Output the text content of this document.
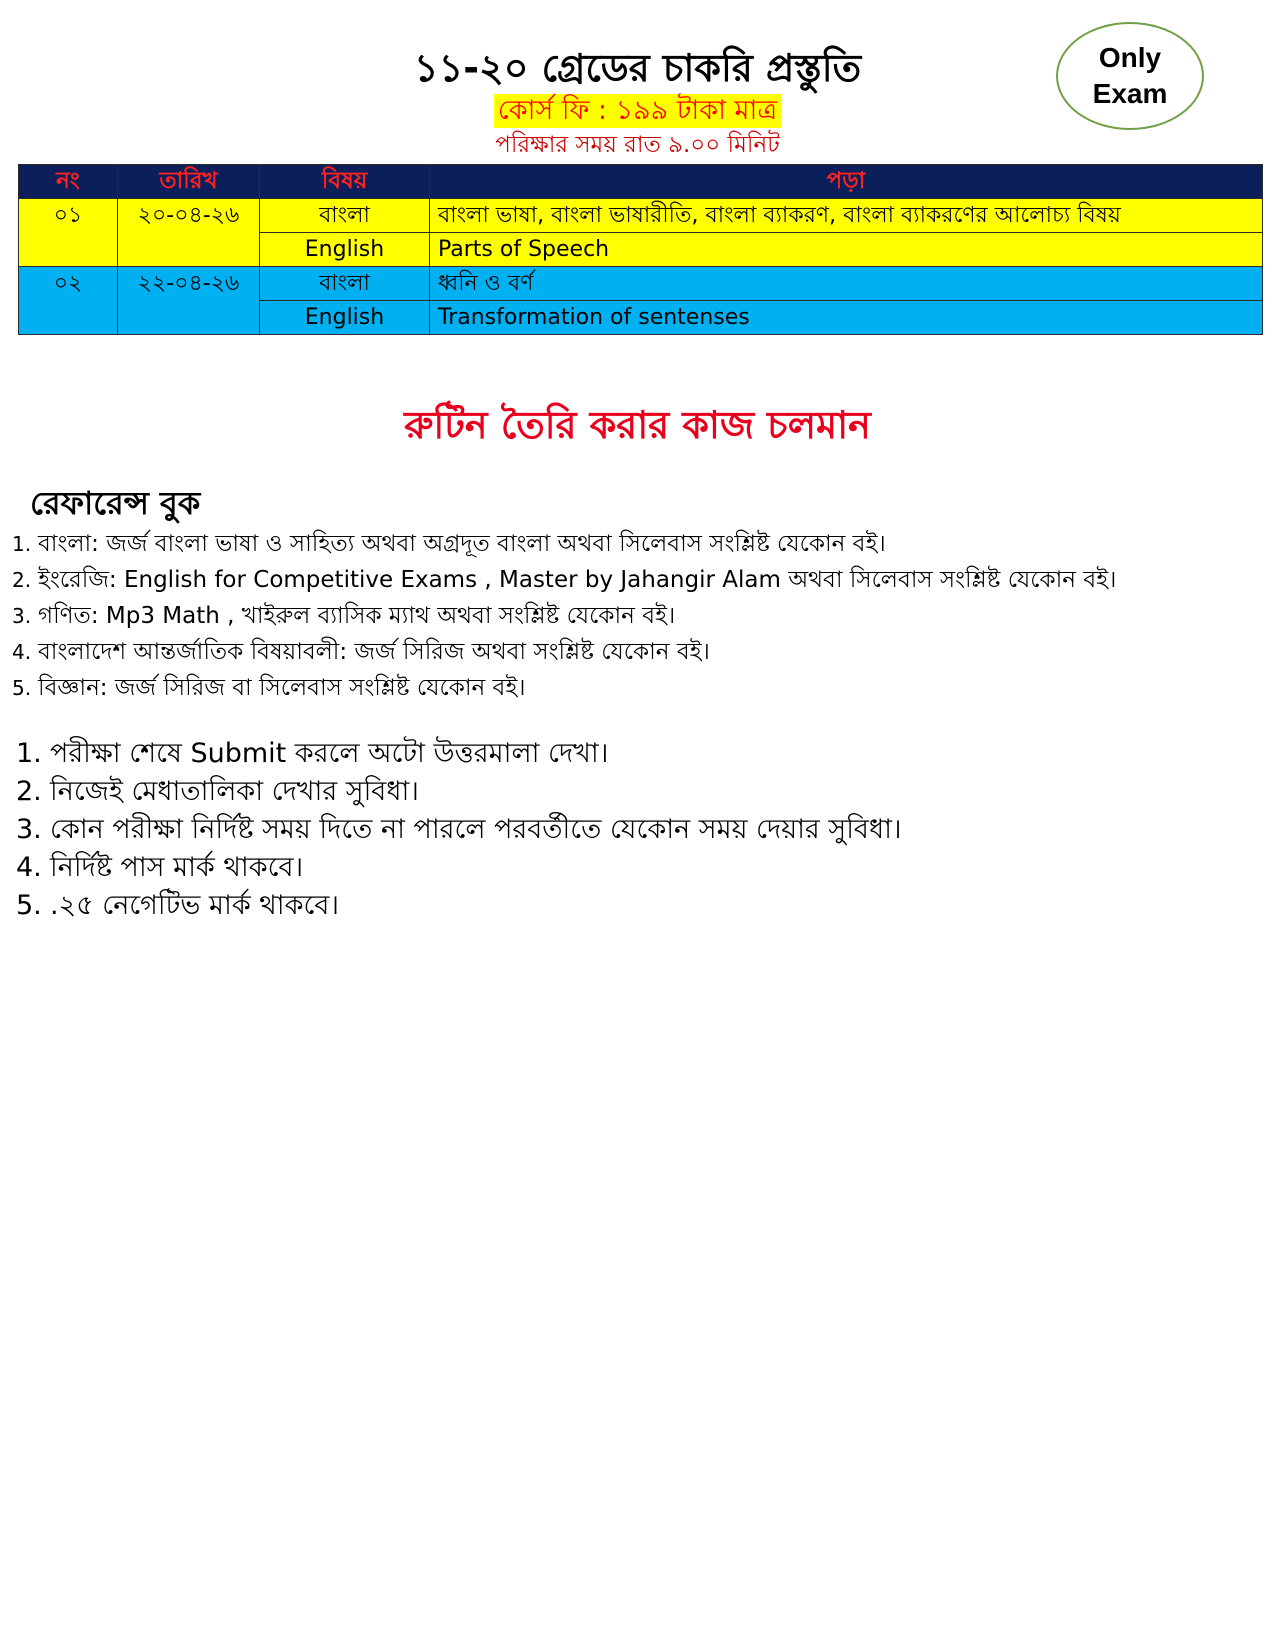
১১-২০ গ্রেডের চাকরি প্রস্তুতি
কোর্স ফি : ১৯৯ টাকা মাত্র
পরিক্ষার সময় রাত ৯.০০ মিনিট
Only
Exam
নং	তারিখ	বিষয়	পড়া
০১	২০-০৪-২৬	বাংলা	বাংলা ভাষা, বাংলা ভাষারীতি, বাংলা ব্যাকরণ, বাংলা ব্যাকরণের আলোচ্য বিষয়
		English	Parts of Speech
০২	২২-০৪-২৬	বাংলা	ধ্বনি ও বর্ণ
		English	Transformation of sentenses
রুটিন তৈরি করার কাজ চলমান
রেফারেন্স বুক
1. বাংলা: জর্জ বাংলা ভাষা ও সাহিত্য অথবা অগ্রদূত বাংলা অথবা সিলেবাস সংশ্লিষ্ট যেকোন বই।
2. ইংরেজি: English for Competitive Exams , Master by Jahangir Alam অথবা সিলেবাস সংশ্লিষ্ট যেকোন বই।
3. গণিত: Mp3 Math , খাইরুল ব্যাসিক ম্যাথ অথবা সংশ্লিষ্ট যেকোন বই।
4. বাংলাদেশ আন্তর্জাতিক বিষয়াবলী: জর্জ সিরিজ অথবা সংশ্লিষ্ট যেকোন বই।
5. বিজ্ঞান: জর্জ সিরিজ বা সিলেবাস সংশ্লিষ্ট যেকোন বই।
1. পরীক্ষা শেষে Submit করলে অটো উত্তরমালা দেখা।
2. নিজেই মেধাতালিকা দেখার সুবিধা।
3. কোন পরীক্ষা নির্দিষ্ট সময় দিতে না পারলে পরবর্তীতে যেকোন সময় দেয়ার সুবিধা।
4. নির্দিষ্ট পাস মার্ক থাকবে।
5. .২৫ নেগেটিভ মার্ক থাকবে।
